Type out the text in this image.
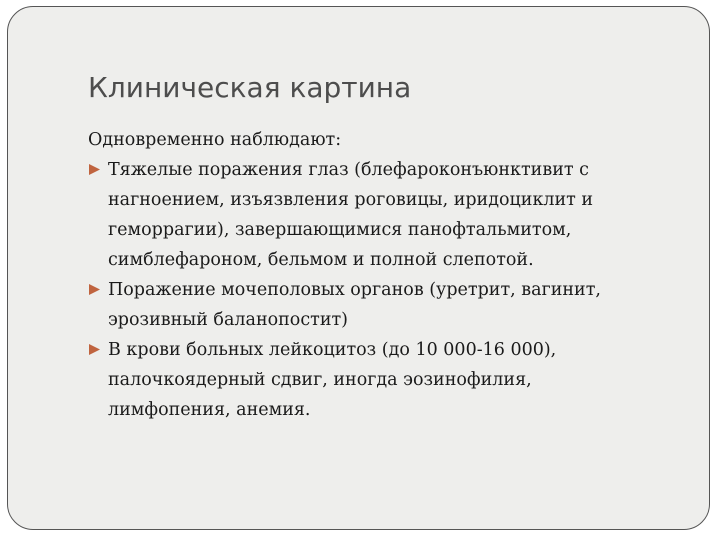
Клиническая картина

Одновременно наблюдают:

Тяжелые поражения глаз (блефароконъюнктивит с
нагноением, изъязвления роговицы, иридоциклит и
геморрагии), завершающимися панофтальмитом,
симблефароном, бельмом и полной слепотой.
Поражение мочеполовых органов (уретрит, вагинит,
эрозивный баланопостит)
В крови больных лейкоцитоз (до 10 000-16 000),
палочкоядерный сдвиг, иногда эозинофилия,
лимфопения, анемия.
